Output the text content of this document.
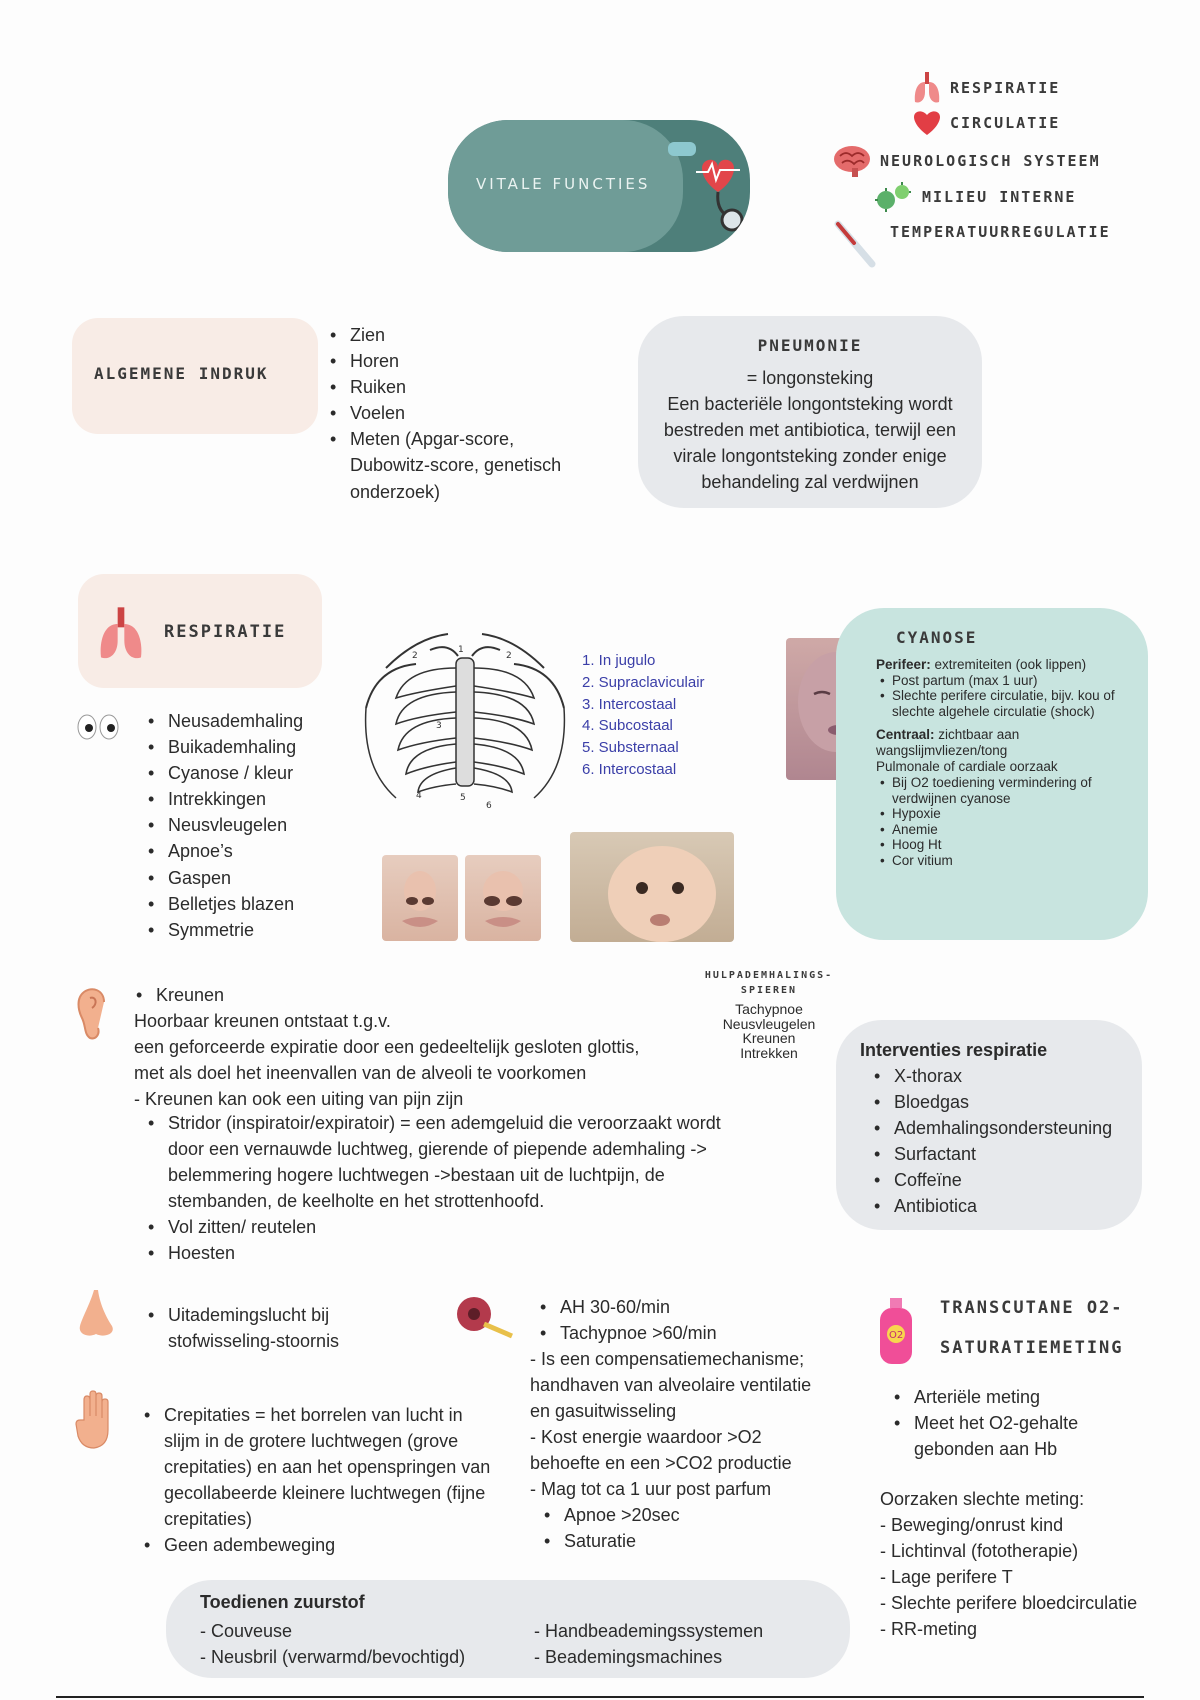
VITALE FUNCTIES
RESPIRATIE
CIRCULATIE
NEUROLOGISCH SYSTEEM
MILIEU INTERNE
TEMPERATUURREGULATIE
ALGEMENE INDRUK
• Zien
• Horen
• Ruiken
• Voelen
• Meten (Apgar-score, Dubowitz-score, genetisch onderzoek)
PNEUMONIE
= longonsteking
Een bacteriële longontsteking wordt bestreden met antibiotica, terwijl een virale longontsteking zonder enige behandeling zal verdwijnen
RESPIRATIE
• Neusademhaling
• Buikademhaling
• Cyanose / kleur
• Intrekkingen
• Neusvleugelen
• Apnoe’s
• Gaspen
• Belletjes blazen
• Symmetrie
1
2	2
3
4	5
6
1. In jugulo
2. Supraclaviculair
3. Intercostaal
4. Subcostaal
5. Substernaal
6. Intercostaal
CYANOSE
Perifeer: extremiteiten (ook lippen)
• Post partum (max 1 uur)
• Slechte perifere circulatie, bijv. kou of slechte algehele circulatie (shock)
Centraal: zichtbaar aan wangslijmvliezen/tong
Pulmonale of cardiale oorzaak
• Bij O2 toediening vermindering of verdwijnen cyanose
• Hypoxie
• Anemie
• Hoog Ht
• Cor vitium
• Kreunen
Hoorbaar kreunen ontstaat t.g.v.
een geforceerde expiratie door een gedeeltelijk gesloten glottis,
met als doel het ineenvallen van de alveoli te voorkomen
- Kreunen kan ook een uiting van pijn zijn
• Stridor (inspiratoir/expiratoir) = een ademgeluid die veroorzaakt wordt door een vernauwde luchtweg, gierende of piepende ademhaling -> belemmering hogere luchtwegen ->bestaan uit de luchtpijn, de stembanden, de keelholte en het strottenhoofd.
• Vol zitten/ reutelen
• Hoesten
HULPADEMHALINGS-
SPIEREN
Tachypnoe
Neusvleugelen
Kreunen
Intrekken	Interventies respiratie
• X-thorax
• Bloedgas
• Ademhalingsondersteuning
• Surfactant
• Coffeïne
• Antibiotica
• Uitademingslucht bij stofwisseling-stoornis
• Crepitaties = het borrelen van lucht in slijm in de grotere luchtwegen (grove crepitaties) en aan het openspringen van gecollabeerde kleinere luchtwegen (fijne crepitaties)
• Geen adembeweging
• AH 30-60/min
• Tachypnoe >60/min
- Is een compensatiemechanisme;
handhaven van alveolaire ventilatie
en gasuitwisseling
- Kost energie waardoor >O2
behoefte en een >CO2 productie
- Mag tot ca 1 uur post parfum
• Apnoe >20sec
• Saturatie
O2
TRANSCUTANE O2-
SATURATIEMETING
• Arteriële meting
• Meet het O2-gehalte gebonden aan Hb
Oorzaken slechte meting:
- Beweging/onrust kind
- Lichtinval (fototherapie)
- Lage perifere T
- Slechte perifere bloedcirculatie
- RR-meting
Toedienen zuurstof
- Couveuse
- Neusbril (verwarmd/bevochtigd)
- Handbeademingssystemen
- Beademingsmachines
